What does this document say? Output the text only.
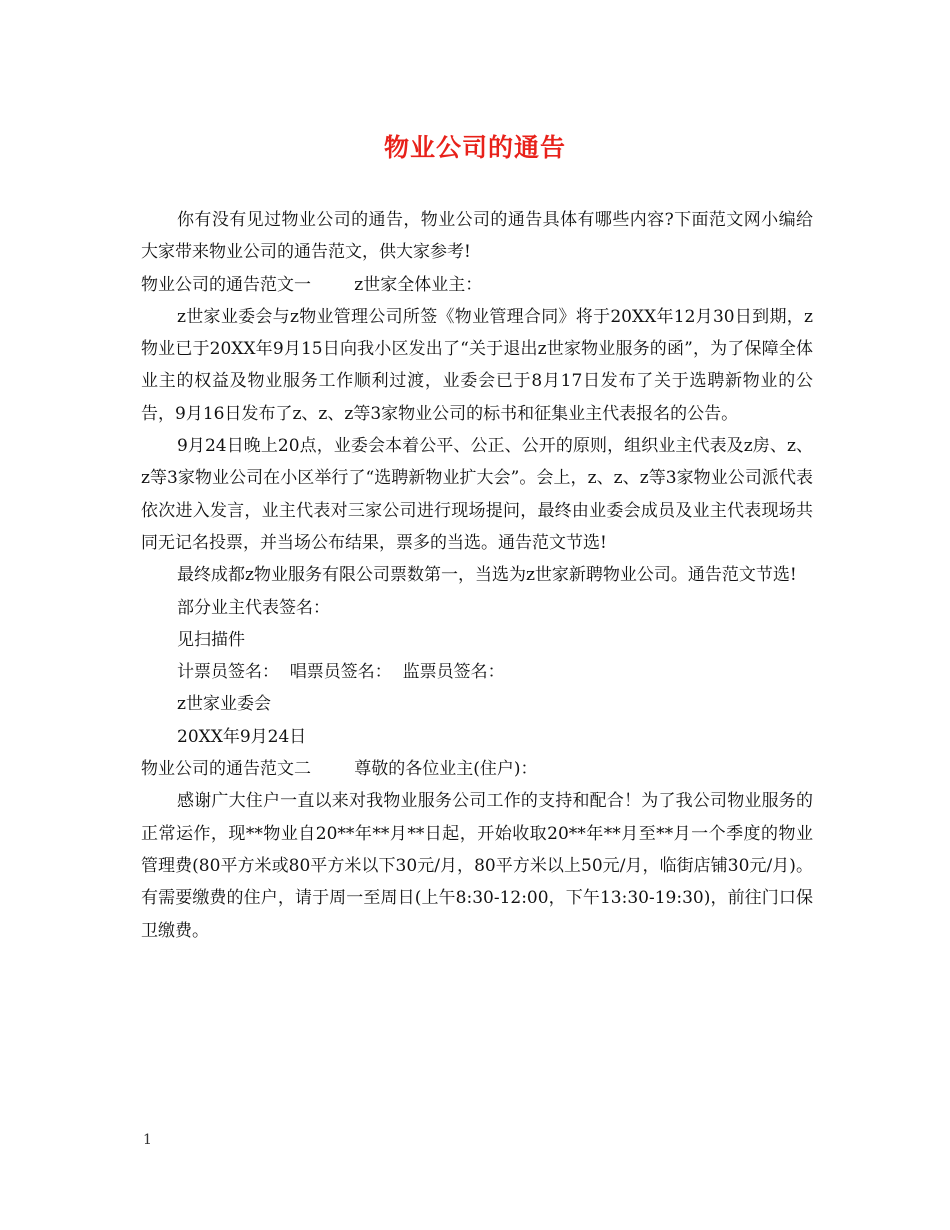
物业公司的通告

你有没有见过物业公司的通告，物业公司的通告具体有哪些内容?下面范文网小编给大家带来物业公司的通告范文，供大家参考!

物业公司的通告范文一	z世家全体业主：

z世家业委会与z物业管理公司所签《物业管理合同》将于20XX年12月30日到期，z物业已于20XX年9月15日向我小区发出了“关于退出z世家物业服务的函”，为了保障全体业主的权益及物业服务工作顺利过渡，业委会已于8月17日发布了关于选聘新物业的公告，9月16日发布了z、z、z等3家物业公司的标书和征集业主代表报名的公告。

9月24日晚上20点，业委会本着公平、公正、公开的原则，组织业主代表及z房、z、z等3家物业公司在小区举行了“选聘新物业扩大会”。会上，z、z、z等3家物业公司派代表依次进入发言，业主代表对三家公司进行现场提问，最终由业委会成员及业主代表现场共同无记名投票，并当场公布结果，票多的当选。通告范文节选!

最终成都z物业服务有限公司票数第一，当选为z世家新聘物业公司。通告范文节选!

部分业主代表签名：

见扫描件

计票员签名：  唱票员签名：  监票员签名：

z世家业委会

20XX年9月24日

物业公司的通告范文二	尊敬的各位业主(住户)：

感谢广大住户一直以来对我物业服务公司工作的支持和配合！为了我公司物业服务的正常运作，现**物业自20**年**月**日起，开始收取20**年**月至**月一个季度的物业管理费(80平方米或80平方米以下30元/月，80平方米以上50元/月，临街店铺30元/月)。有需要缴费的住户，请于周一至周日(上午8:30-12:00，下午13:30-19:30)，前往门口保卫缴费。

1
